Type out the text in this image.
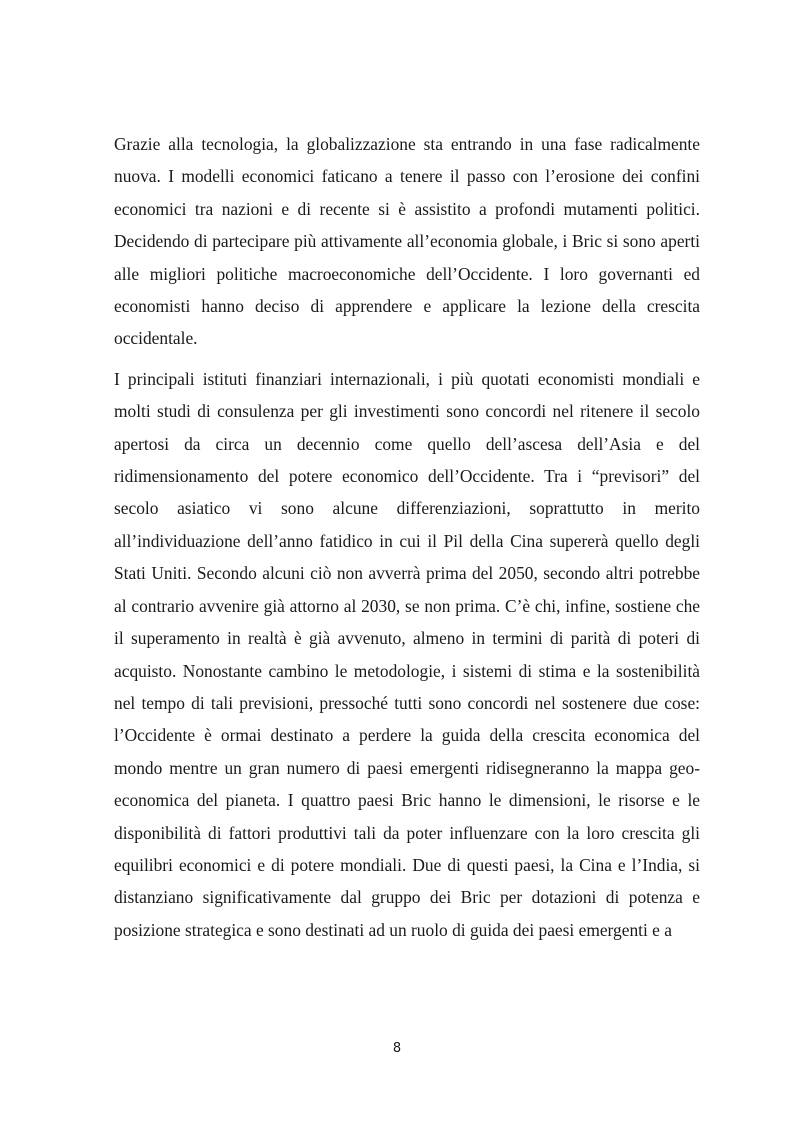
Grazie alla tecnologia, la globalizzazione sta entrando in una fase radicalmente nuova. I modelli economici faticano a tenere il passo con l’erosione dei confini economici tra nazioni e di recente si è assistito a profondi mutamenti politici. Decidendo di partecipare più attivamente all’economia globale, i Bric si sono aperti alle migliori politiche macroeconomiche dell’Occidente. I loro governanti ed economisti hanno deciso di apprendere e applicare la lezione della crescita occidentale.

I principali istituti finanziari internazionali, i più quotati economisti mondiali e molti studi di consulenza per gli investimenti sono concordi nel ritenere il secolo apertosi da circa un decennio come quello dell’ascesa dell’Asia e del ridimensionamento del potere economico dell’Occidente. Tra i “previsori” del secolo asiatico vi sono alcune differenziazioni, soprattutto in merito all’individuazione dell’anno fatidico in cui il Pil della Cina supererà quello degli Stati Uniti. Secondo alcuni ciò non avverrà prima del 2050, secondo altri potrebbe al contrario avvenire già attorno al 2030, se non prima. C’è chi, infine, sostiene che il superamento in realtà è già avvenuto, almeno in termini di parità di poteri di acquisto. Nonostante cambino le metodologie, i sistemi di stima e la sostenibilità nel tempo di tali previsioni, pressoché tutti sono concordi nel sostenere due cose: l’Occidente è ormai destinato a perdere la guida della crescita economica del mondo mentre un gran numero di paesi emergenti ridisegneranno la mappa geo-economica del pianeta. I quattro paesi Bric hanno le dimensioni, le risorse e le disponibilità di fattori produttivi tali da poter influenzare con la loro crescita gli equilibri economici e di potere mondiali. Due di questi paesi, la Cina e l’India, si distanziano significativamente dal gruppo dei Bric per dotazioni di potenza e posizione strategica e sono destinati ad un ruolo di guida dei paesi emergenti e a

8
